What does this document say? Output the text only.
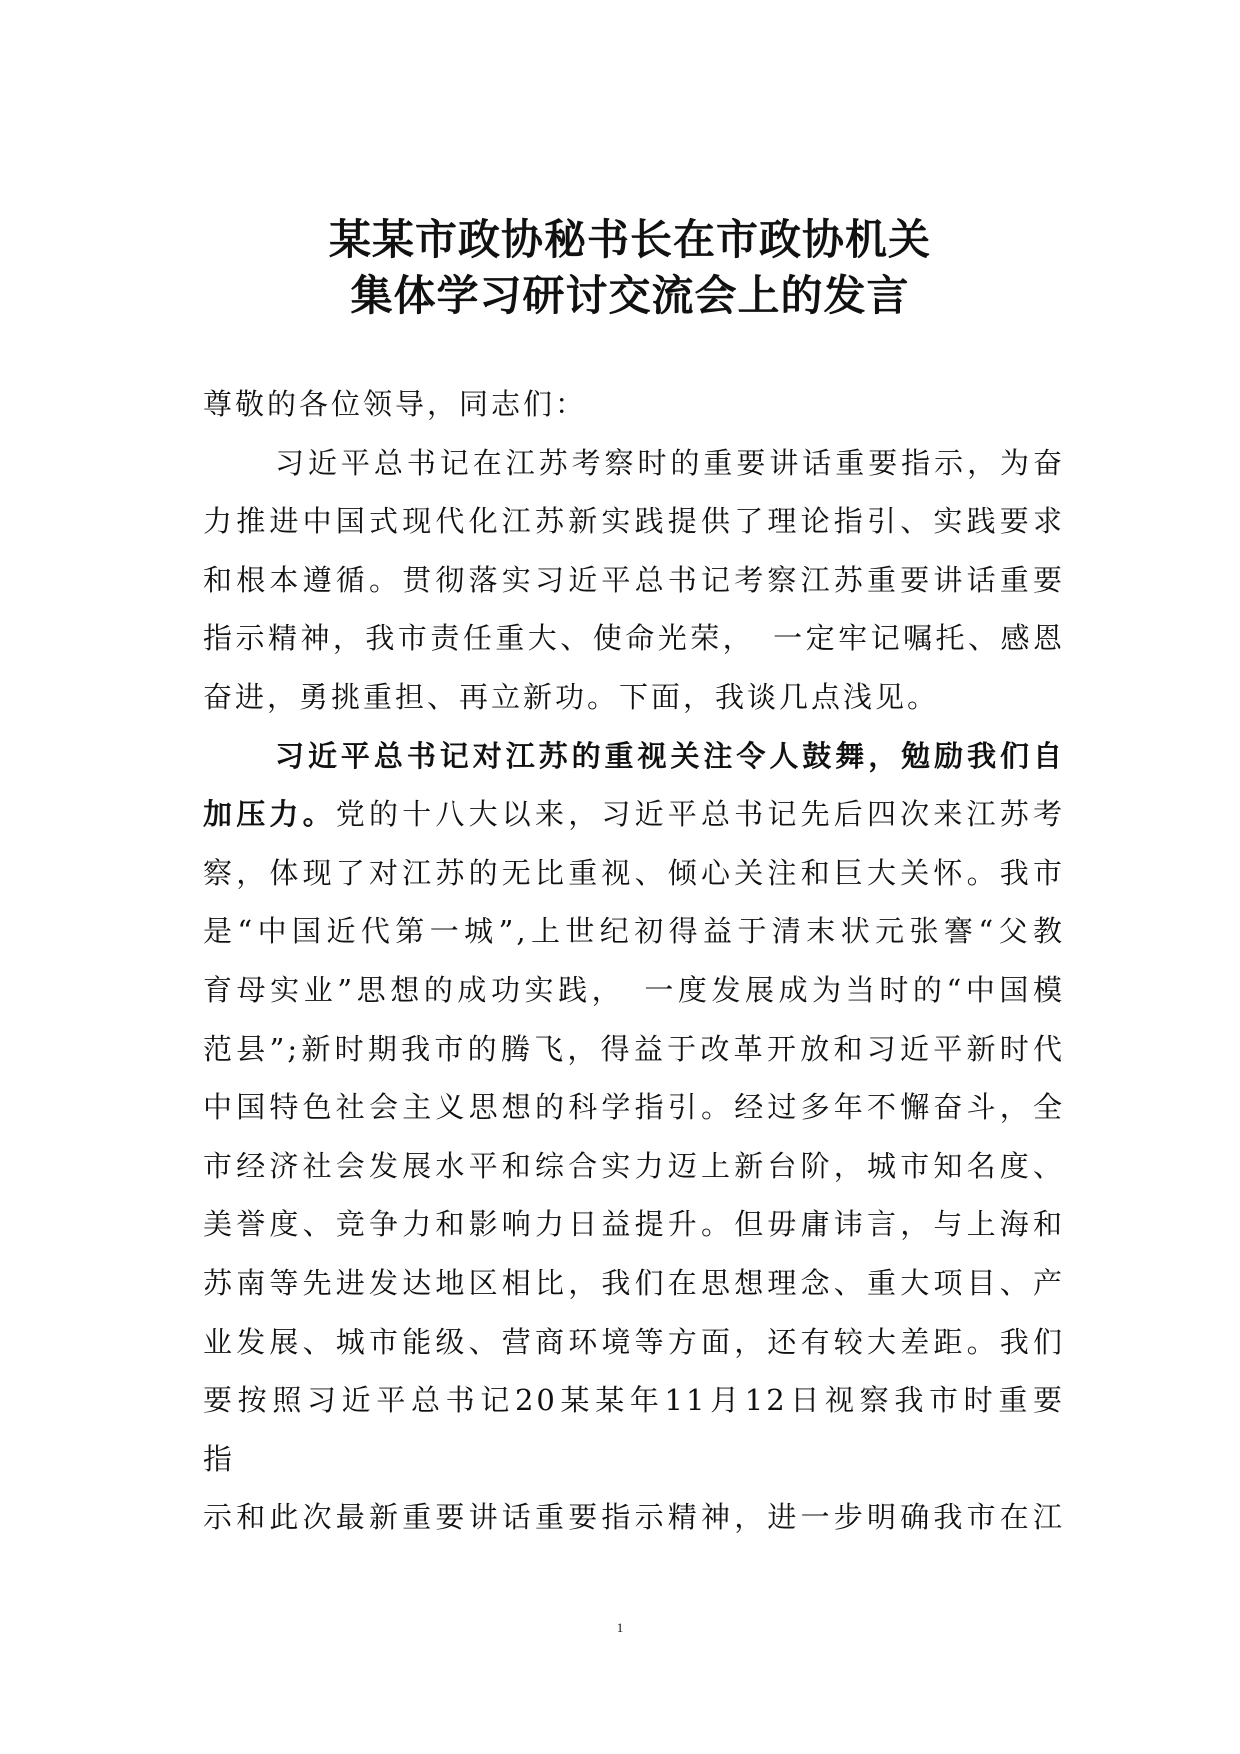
某某市政协秘书长在市政协机关
集体学习研讨交流会上的发言

尊敬的各位领导，同志们：

习近平总书记在江苏考察时的重要讲话重要指示，为奋
力推进中国式现代化江苏新实践提供了理论指引、实践要求
和根本遵循。贯彻落实习近平总书记考察江苏重要讲话重要
指示精神，我市责任重大、使命光荣，　一定牢记嘱托、感恩
奋进，勇挑重担、再立新功。下面，我谈几点浅见。

习近平总书记对江苏的重视关注令人鼓舞，勉励我们自
加压力。党的十八大以来，习近平总书记先后四次来江苏考
察，体现了对江苏的无比重视、倾心关注和巨大关怀。我市
是“中国近代第一城”,上世纪初得益于清末状元张謇“父教
育母实业”思想的成功实践，　一度发展成为当时的“中国模
范县”;新时期我市的腾飞，得益于改革开放和习近平新时代
中国特色社会主义思想的科学指引。经过多年不懈奋斗，全
市经济社会发展水平和综合实力迈上新台阶，城市知名度、
美誉度、竞争力和影响力日益提升。但毋庸讳言，与上海和
苏南等先进发达地区相比，我们在思想理念、重大项目、产
业发展、城市能级、营商环境等方面，还有较大差距。我们
要按照习近平总书记20某某年11月12日视察我市时重要
指
示和此次最新重要讲话重要指示精神，进一步明确我市在江

1
